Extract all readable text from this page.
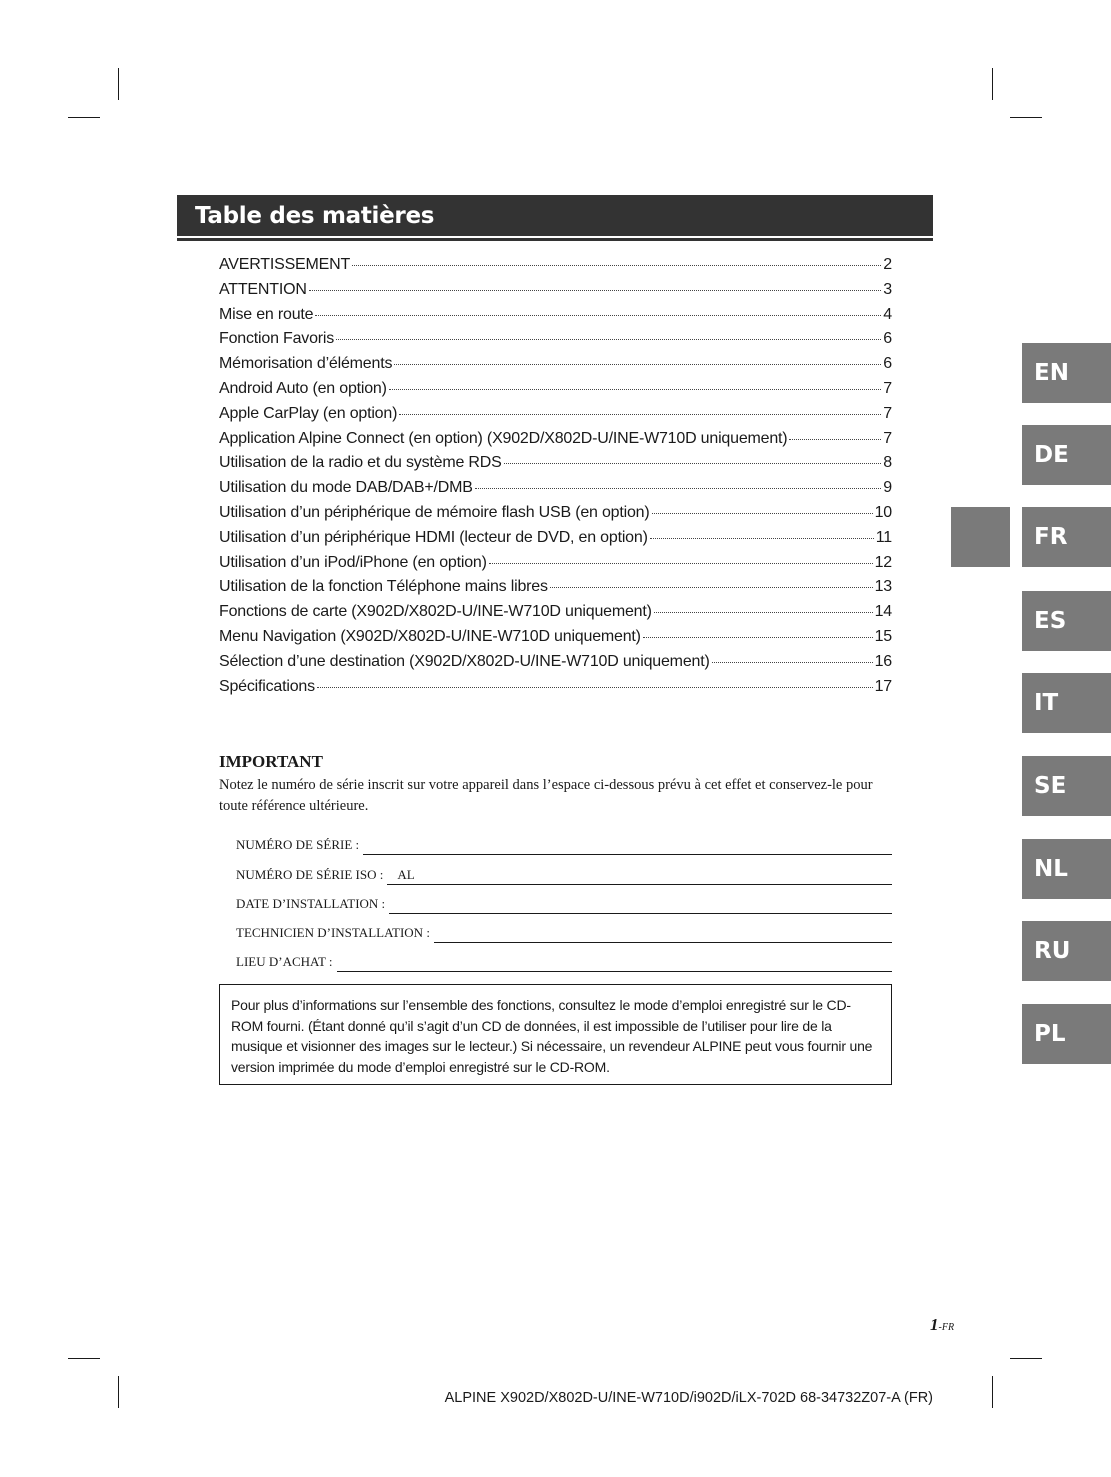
Table des matières
AVERTISSEMENT	2
ATTENTION	3
Mise en route	4
Fonction Favoris	6
Mémorisation d’éléments	6
Android Auto (en option)	7
Apple CarPlay (en option)	7
Application Alpine Connect (en option) (X902D/X802D-U/INE-W710D uniquement)	7
Utilisation de la radio et du système RDS	8
Utilisation du mode DAB/DAB+/DMB	9
Utilisation d’un périphérique de mémoire flash USB (en option)	10
Utilisation d’un périphérique HDMI (lecteur de DVD, en option)	11
Utilisation d’un iPod/iPhone (en option)	12
Utilisation de la fonction Téléphone mains libres	13
Fonctions de carte (X902D/X802D-U/INE-W710D uniquement)	14
Menu Navigation (X902D/X802D-U/INE-W710D uniquement)	15
Sélection d’une destination (X902D/X802D-U/INE-W710D uniquement)	16
Spécifications	17
IMPORTANT

Notez le numéro de série inscrit sur votre appareil dans l’espace ci-dessous prévu à cet effet et conservez-le pour toute référence ultérieure.

NUMÉRO DE SÉRIE :
NUMÉRO DE SÉRIE ISO :	AL
DATE D’INSTALLATION :
TECHNICIEN D’INSTALLATION :
LIEU D’ACHAT :
Pour plus d’informations sur l’ensemble des fonctions, consultez le mode d’emploi enregistré sur le CD-ROM fourni. (Étant donné qu’il s’agit d’un CD de données, il est impossible de l’utiliser pour lire de la musique et visionner des images sur le lecteur.) Si nécessaire, un revendeur ALPINE peut vous fournir une version imprimée du mode d’emploi enregistré sur le CD-ROM.
EN
DE
FR
ES
IT
SE
NL
RU
PL
1-FR
ALPINE X902D/X802D-U/INE-W710D/i902D/iLX-702D 68-34732Z07-A (FR)
